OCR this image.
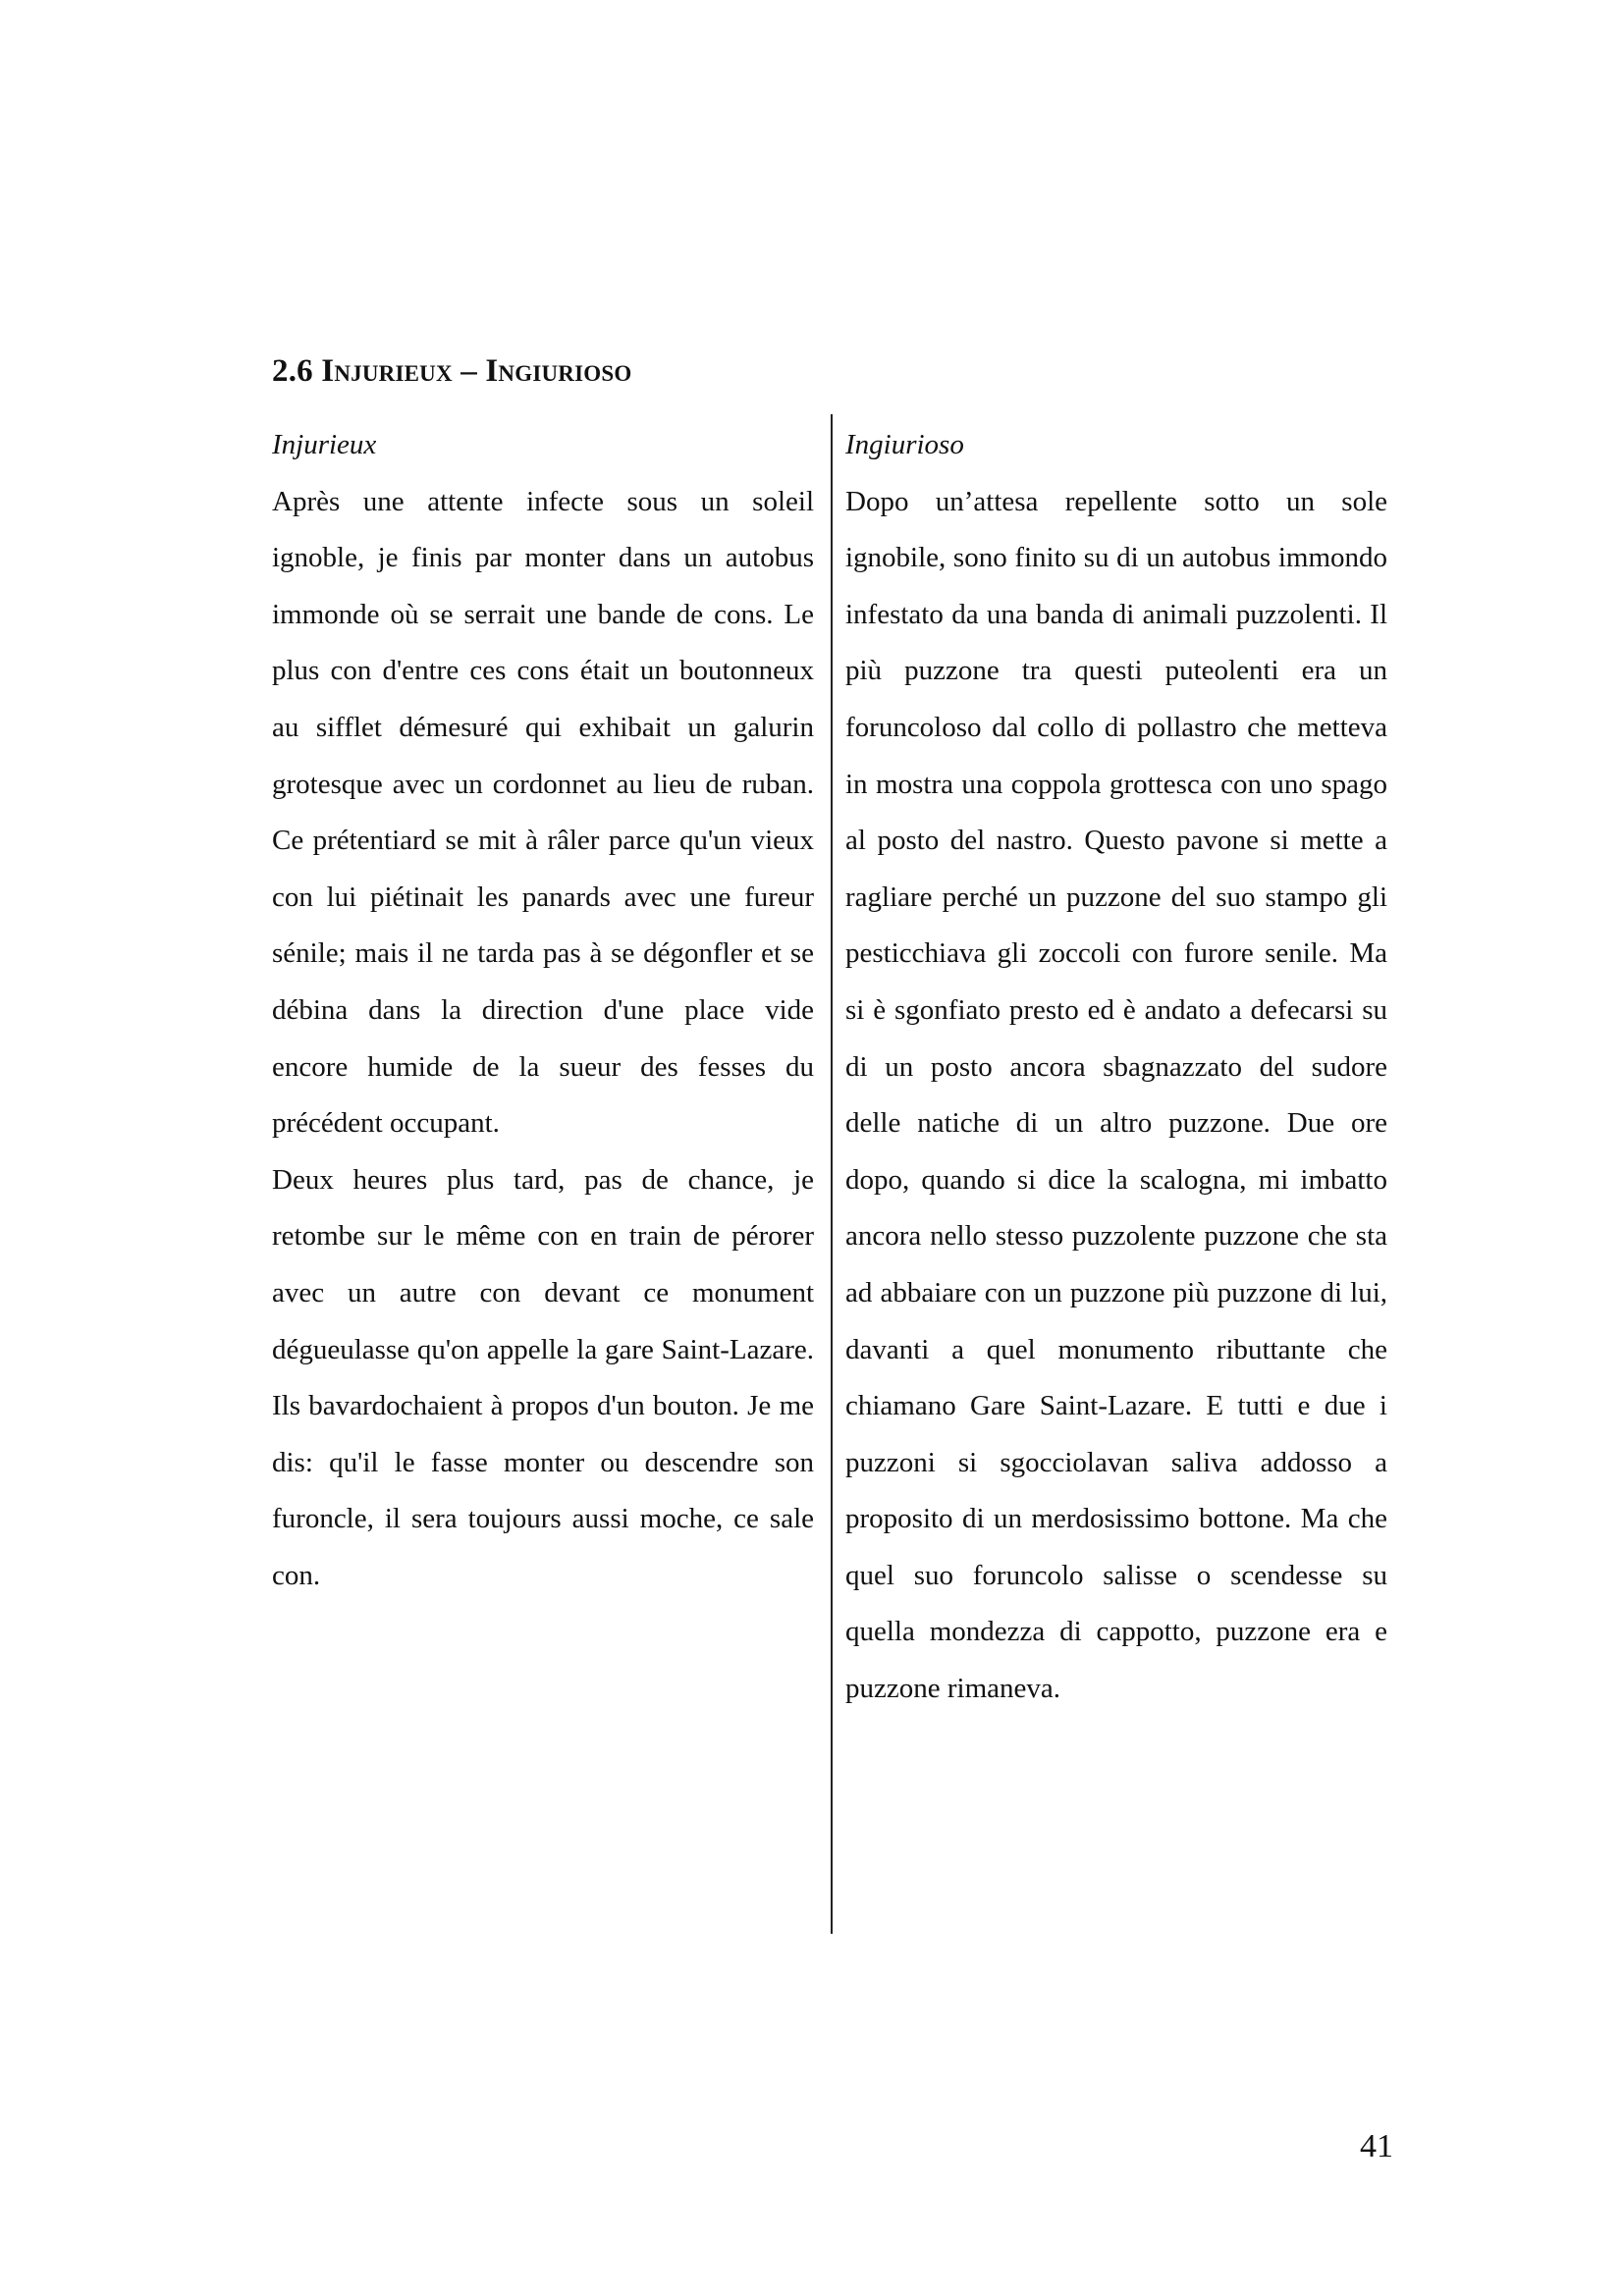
2.6 Injurieux – Ingiurioso
Injurieux

Après une attente infecte sous un soleil ignoble, je finis par monter dans un autobus immonde où se serrait une bande de cons. Le plus con d'entre ces cons était un boutonneux au sifflet démesuré qui exhibait un galurin grotesque avec un cordonnet au lieu de ruban. Ce prétentiard se mit à râler parce qu'un vieux con lui piétinait les panards avec une fureur sénile; mais il ne tarda pas à se dégonfler et se débina dans la direction d'une place vide encore humide de la sueur des fesses du précédent occupant.

Deux heures plus tard, pas de chance, je retombe sur le même con en train de pérorer avec un autre con devant ce monument dégueulasse qu'on appelle la gare Saint-Lazare. Ils bavardochaient à propos d'un bouton. Je me dis: qu'il le fasse monter ou descendre son furoncle, il sera toujours aussi moche, ce sale con.

Ingiurioso

Dopo un’attesa repellente sotto un sole ignobile, sono finito su di un autobus immondo infestato da una banda di animali puzzolenti. Il più puzzone tra questi puteolenti era un foruncoloso dal collo di pollastro che metteva in mostra una coppola grottesca con uno spago al posto del nastro. Questo pavone si mette a ragliare perché un puzzone del suo stampo gli pesticchiava gli zoccoli con furore senile. Ma si è sgonfiato presto ed è andato a defecarsi su di un posto ancora sbagnazzato del sudore delle natiche di un altro puzzone. Due ore dopo, quando si dice la scalogna, mi imbatto ancora nello stesso puzzolente puzzone che sta ad abbaiare con un puzzone più puzzone di lui, davanti a quel monumento ributtante che chiamano Gare Saint-Lazare. E tutti e due i puzzoni si sgocciolavan saliva addosso a proposito di un merdosissimo bottone. Ma che quel suo foruncolo salisse o scendesse su quella mondezza di cappotto, puzzone era e puzzone rimaneva.

41
